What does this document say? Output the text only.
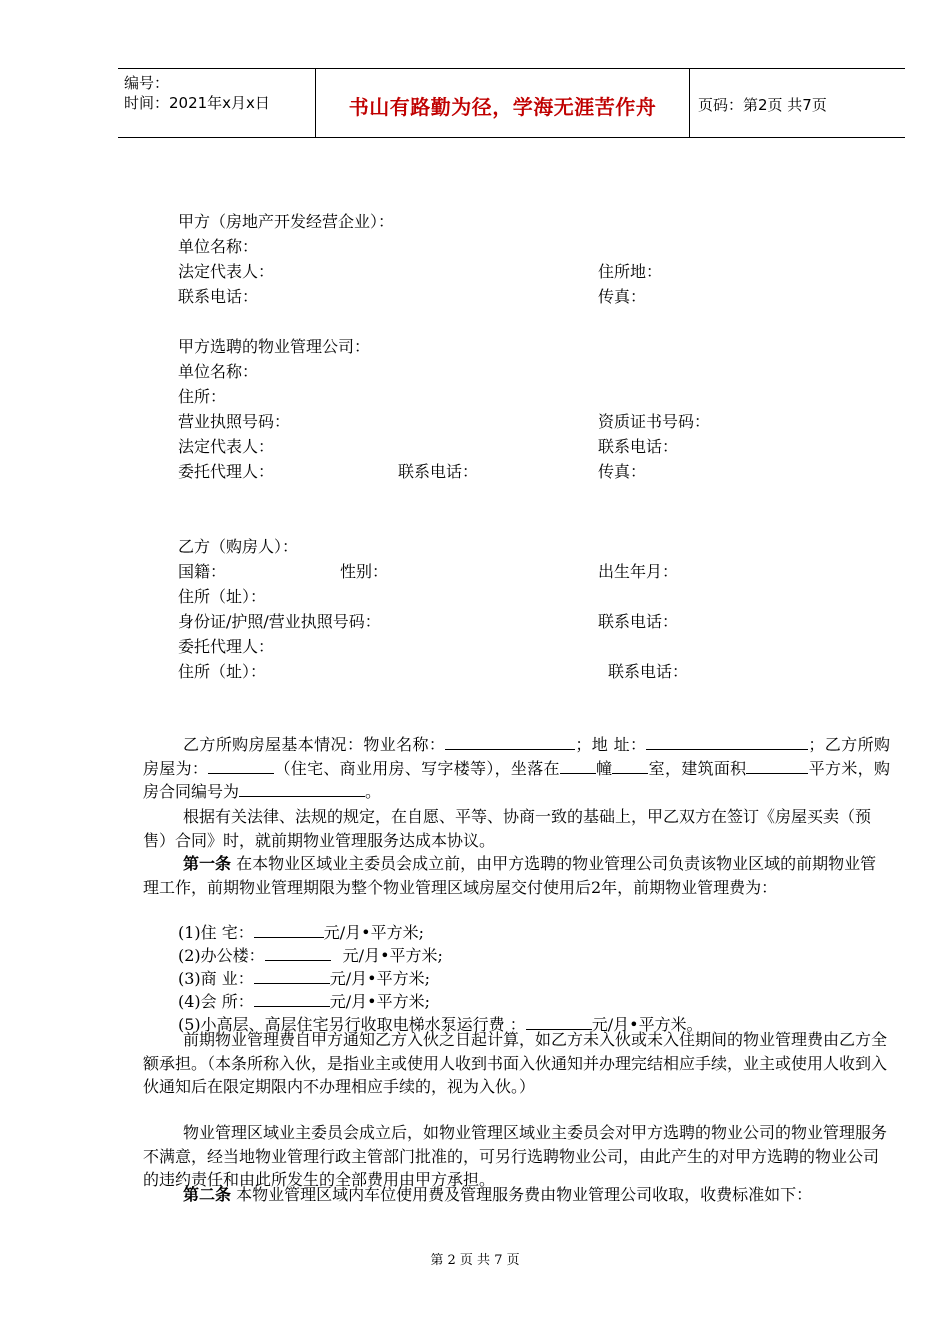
编号：
时间：2021年x月x日	书山有路勤为径，学海无涯苦作舟	页码：第2页 共7页
甲方（房地产开发经营企业）：
单位名称：
法定代表人：	住所地：
联系电话：	传真：
甲方选聘的物业管理公司：
单位名称：
住所：
营业执照号码：	资质证书号码：
法定代表人：	联系电话：
委托代理人：	联系电话：	传真：
乙方（购房人）：
国籍：	性别：	出生年月：
住所（址）：
身份证/护照/营业执照号码：	联系电话：
委托代理人：
住所（址）：	联系电话：
乙方所购房屋基本情况：物业名称：	；地 址：	；乙方所购房屋为：	（住宅、商业用房、写字楼等），坐落在 幢 室，建筑面积	平方米，购房合同编号为	。
根据有关法律、法规的规定，在自愿、平等、协商一致的基础上，甲乙双方在签订《房屋买卖（预售）合同》时，就前期物业管理服务达成本协议。
第一条 在本物业区域业主委员会成立前，由甲方选聘的物业管理公司负责该物业区域的前期物业管理工作，前期物业管理期限为整个物业管理区域房屋交付使用后2年，前期物业管理费为：
(1)住 宅：	元/月•平方米;
(2)办公楼：	元/月•平方米;
(3)商 业：	元/月•平方米;
(4)会 所：	元/月•平方米;
(5)小高层、高层住宅另行收取电梯水泵运行费 ：	元/月•平方米。
前期物业管理费自甲方通知乙方入伙之日起计算，如乙方未入伙或未入住期间的物业管理费由乙方全额承担。（本条所称入伙，是指业主或使用人收到书面入伙通知并办理完结相应手续，业主或使用人收到入伙通知后在限定期限内不办理相应手续的，视为入伙。）
物业管理区域业主委员会成立后，如物业管理区域业主委员会对甲方选聘的物业公司的物业管理服务不满意，经当地物业管理行政主管部门批准的，可另行选聘物业公司，由此产生的对甲方选聘的物业公司的违约责任和由此所发生的全部费用由甲方承担。
第二条 本物业管理区域内车位使用费及管理服务费由物业管理公司收取，收费标准如下：
第 2 页 共 7 页
